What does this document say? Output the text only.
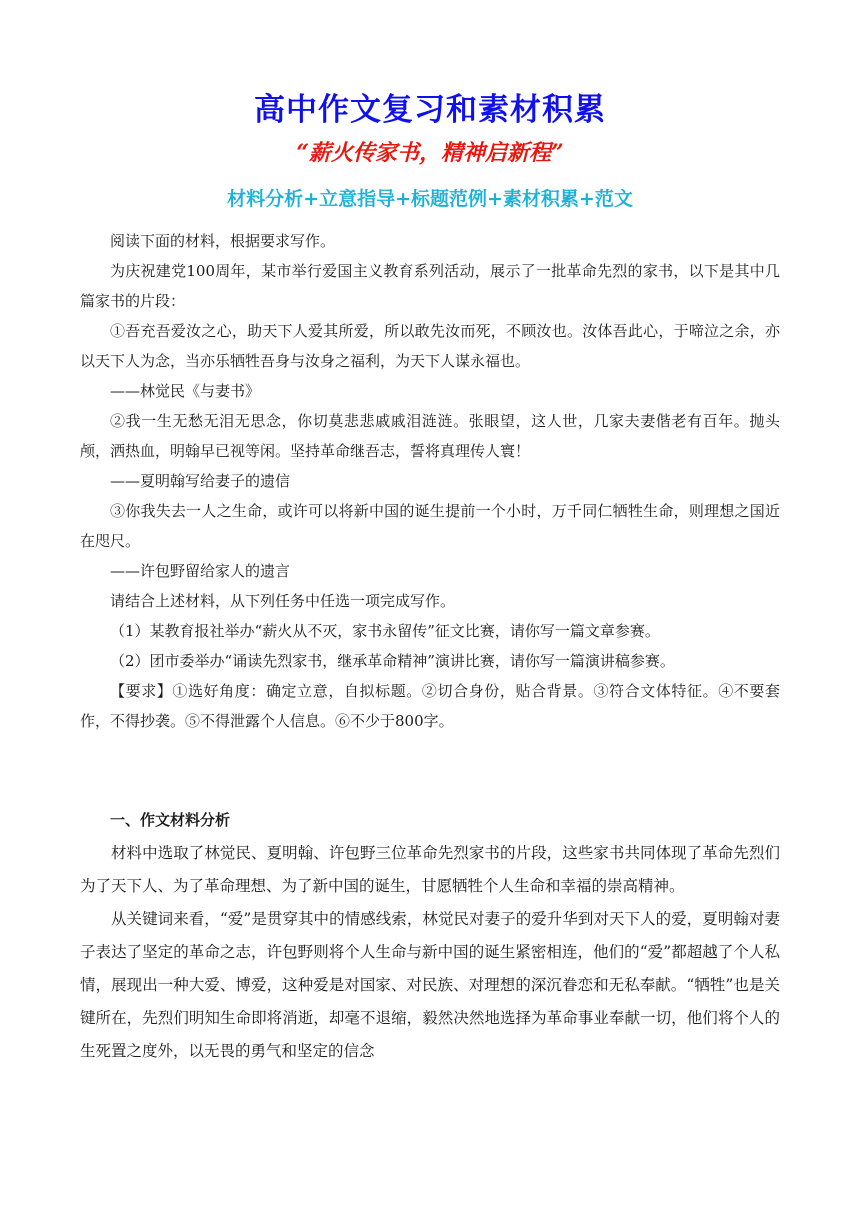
高中作文复习和素材积累
“薪火传家书，精神启新程”
材料分析+立意指导+标题范例+素材积累+范文

阅读下面的材料，根据要求写作。

为庆祝建党100周年，某市举行爱国主义教育系列活动，展示了一批革命先烈的家书，以下是其中几篇家书的片段：

①吾充吾爱汝之心，助天下人爱其所爱，所以敢先汝而死，不顾汝也。汝体吾此心，于啼泣之余，亦以天下人为念，当亦乐牺牲吾身与汝身之福利，为天下人谋永福也。

——林觉民《与妻书》

②我一生无愁无泪无思念，你切莫悲悲戚戚泪涟涟。张眼望，这人世，几家夫妻偕老有百年。抛头颅，洒热血，明翰早已视等闲。坚持革命继吾志，誓将真理传人寰！

——夏明翰写给妻子的遗信

③你我失去一人之生命，或许可以将新中国的诞生提前一个小时，万千同仁牺牲生命，则理想之国近在咫尺。

——许包野留给家人的遗言

请结合上述材料，从下列任务中任选一项完成写作。

（1）某教育报社举办“薪火从不灭，家书永留传”征文比赛，请你写一篇文章参赛。

（2）团市委举办“诵读先烈家书，继承革命精神”演讲比赛，请你写一篇演讲稿参赛。

【要求】①选好角度：确定立意，自拟标题。②切合身份，贴合背景。③符合文体特征。④不要套作，不得抄袭。⑤不得泄露个人信息。⑥不少于800字。

一、作文材料分析

材料中选取了林觉民、夏明翰、许包野三位革命先烈家书的片段，这些家书共同体现了革命先烈们为了天下人、为了革命理想、为了新中国的诞生，甘愿牺牲个人生命和幸福的崇高精神。

从关键词来看，“爱”是贯穿其中的情感线索，林觉民对妻子的爱升华到对天下人的爱，夏明翰对妻子表达了坚定的革命之志，许包野则将个人生命与新中国的诞生紧密相连，他们的“爱”都超越了个人私情，展现出一种大爱、博爱，这种爱是对国家、对民族、对理想的深沉眷恋和无私奉献。“牺牲”也是关键所在，先烈们明知生命即将消逝，却毫不退缩，毅然决然地选择为革命事业奉献一切，他们将个人的生死置之度外，以无畏的勇气和坚定的信念
